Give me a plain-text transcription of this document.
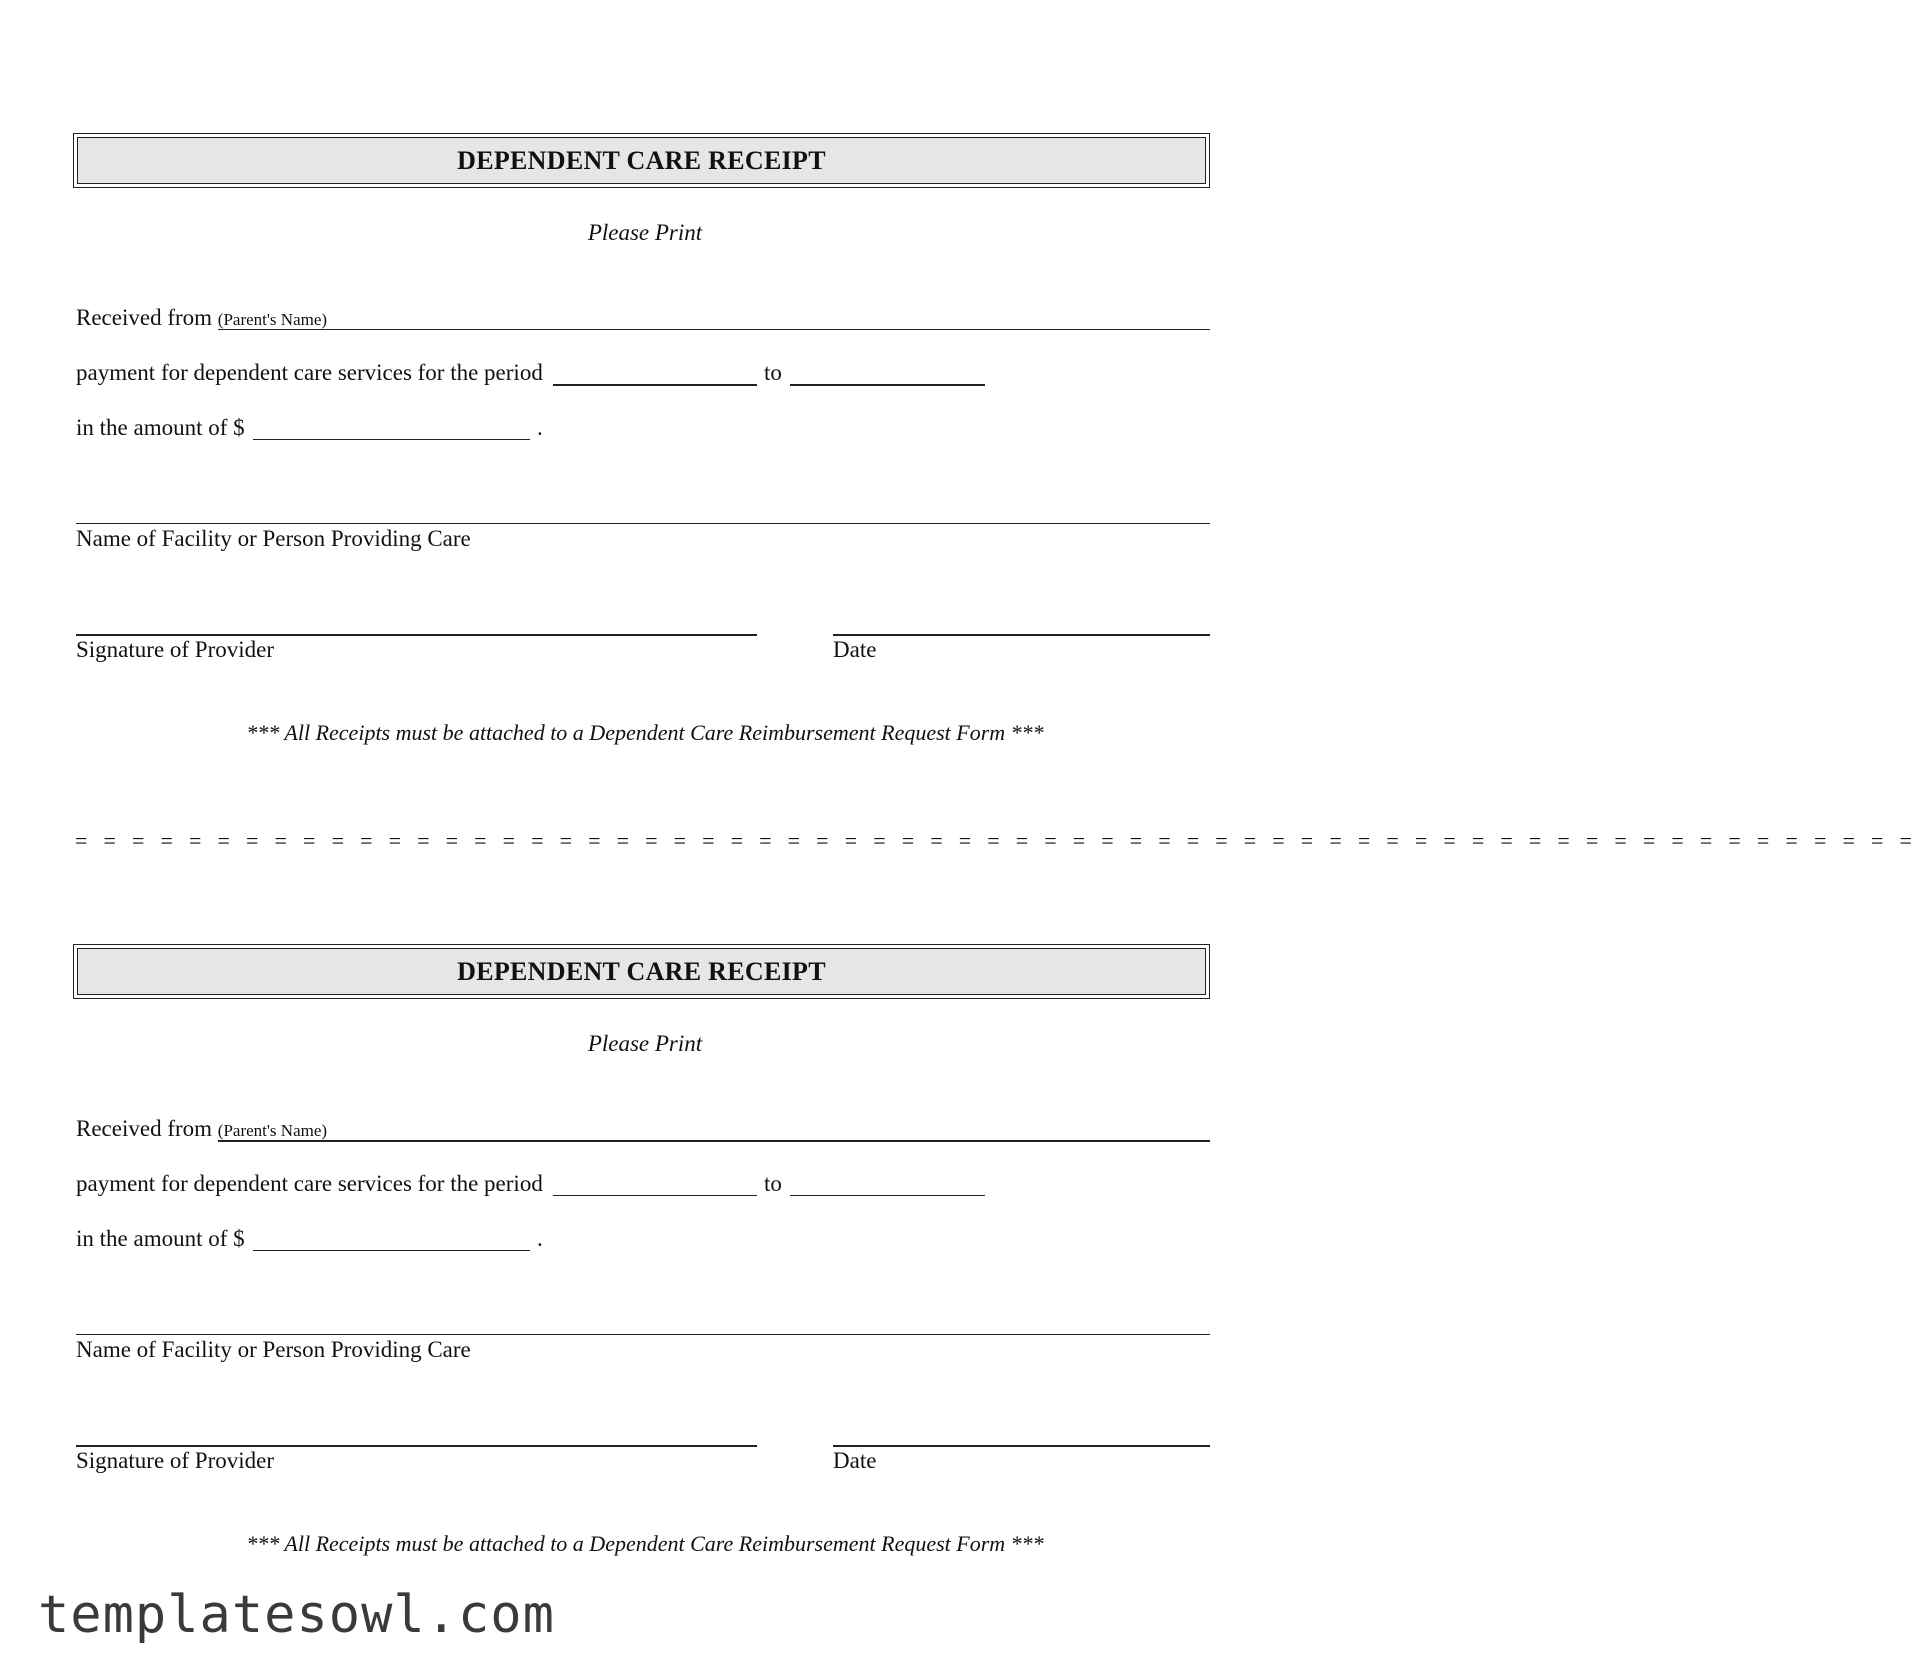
DEPENDENT CARE RECEIPT
Please Print
Received from (Parent's Name)
payment for dependent care services for the period	to
in the amount of $	.
Name of Facility or Person Providing Care
Signature of Provider	Date
*** All Receipts must be attached to a Dependent Care Reimbursement Request Form ***
= = = = = = = = = = = = = = = = = = = = = = = = = = = = = = = = = = = = = = = = = = = = = = = = = = = = = = = = = = = = = = = = =
DEPENDENT CARE RECEIPT
Please Print
Received from (Parent's Name)
payment for dependent care services for the period	to
in the amount of $	.
Name of Facility or Person Providing Care
Signature of Provider	Date
*** All Receipts must be attached to a Dependent Care Reimbursement Request Form ***
templatesowl.com
